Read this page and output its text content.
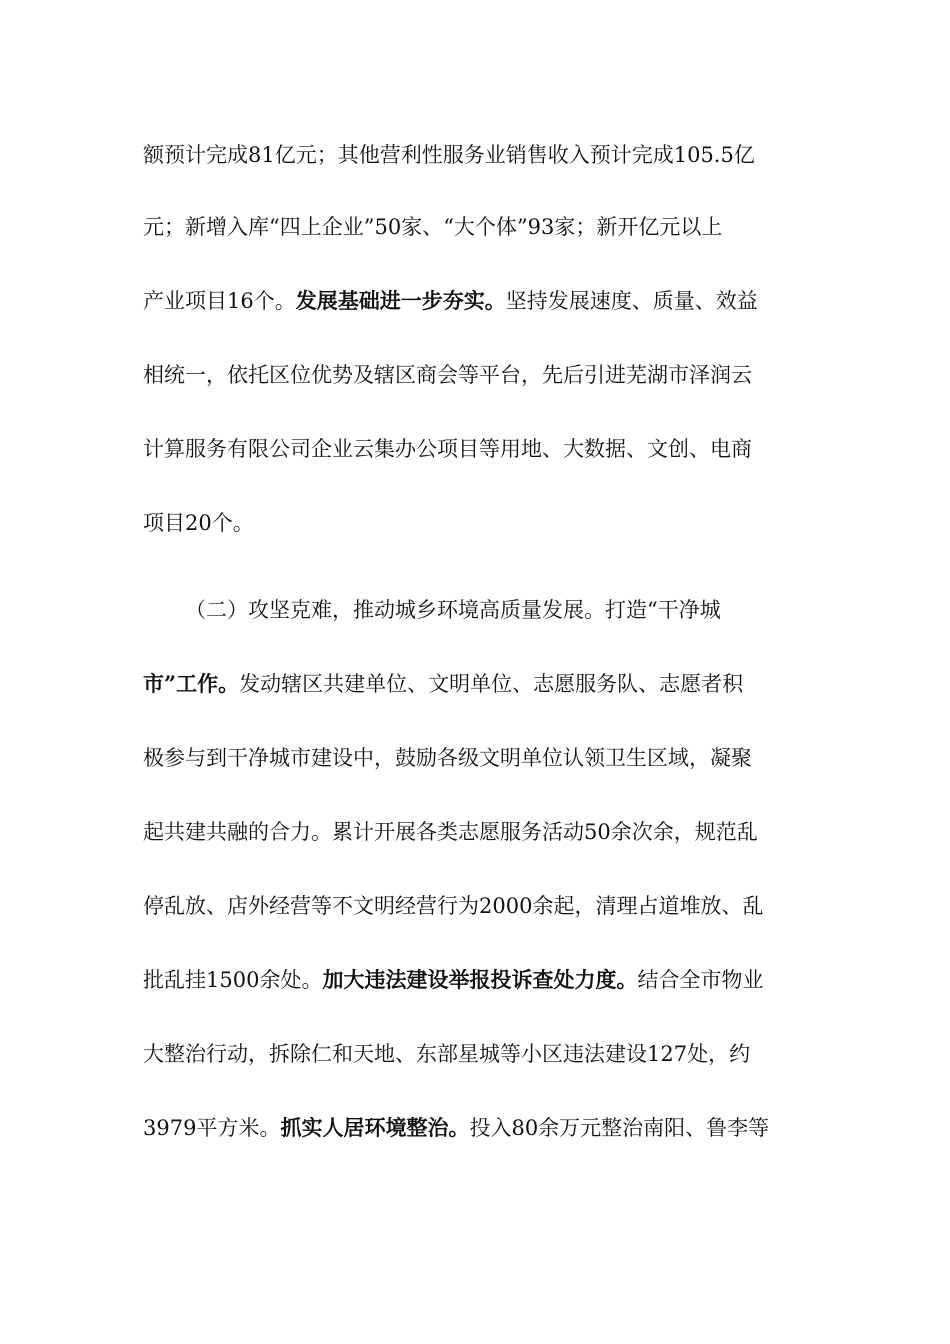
额预计完成81亿元；其他营利性服务业销售收入预计完成105.5亿
元；新增入库“四上企业”50家、“大个体”93家；新开亿元以上
产业项目16个。发展基础进一步夯实。坚持发展速度、质量、效益
相统一，依托区位优势及辖区商会等平台，先后引进芜湖市泽润云
计算服务有限公司企业云集办公项目等用地、大数据、文创、电商
项目20个。
（二）攻坚克难，推动城乡环境高质量发展。打造“干净城
市”工作。发动辖区共建单位、文明单位、志愿服务队、志愿者积
极参与到干净城市建设中，鼓励各级文明单位认领卫生区域，凝聚
起共建共融的合力。累计开展各类志愿服务活动50余次余，规范乱
停乱放、店外经营等不文明经营行为2000余起，清理占道堆放、乱
批乱挂1500余处。加大违法建设举报投诉查处力度。结合全市物业
大整治行动，拆除仁和天地、东部星城等小区违法建设127处，约
3979平方米。抓实人居环境整治。投入80余万元整治南阳、鲁李等
